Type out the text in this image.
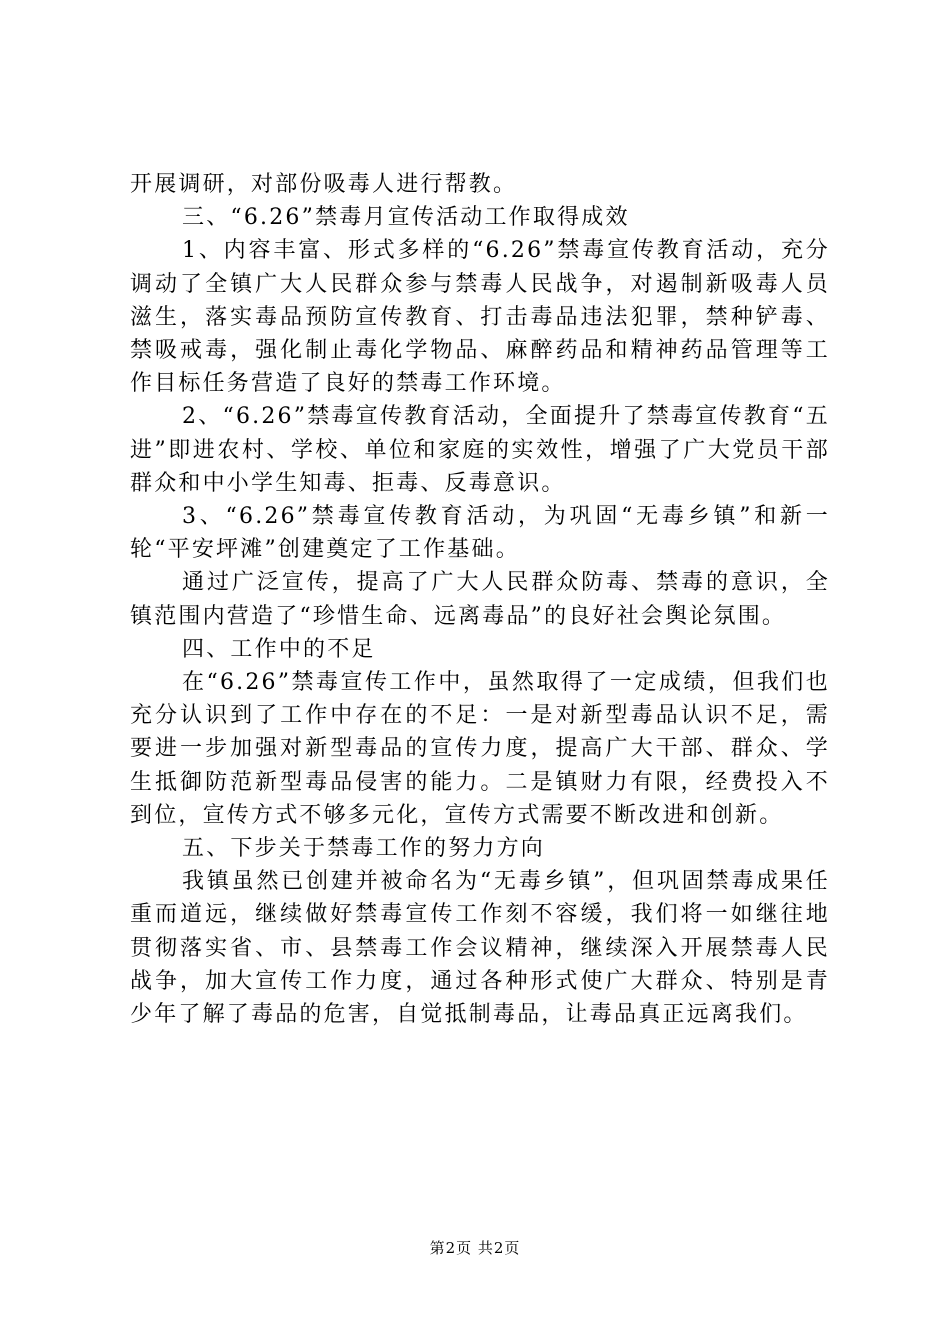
开展调研，对部份吸毒人进行帮教。

三、“6.26”禁毒月宣传活动工作取得成效

1、内容丰富、形式多样的“6.26”禁毒宣传教育活动，充分调动了全镇广大人民群众参与禁毒人民战争，对遏制新吸毒人员滋生，落实毒品预防宣传教育、打击毒品违法犯罪，禁种铲毒、禁吸戒毒，强化制止毒化学物品、麻醉药品和精神药品管理等工作目标任务营造了良好的禁毒工作环境。

2、“6.26”禁毒宣传教育活动，全面提升了禁毒宣传教育“五进”即进农村、学校、单位和家庭的实效性，增强了广大党员干部群众和中小学生知毒、拒毒、反毒意识。

3、“6.26”禁毒宣传教育活动，为巩固“无毒乡镇”和新一轮“平安坪滩”创建奠定了工作基础。

通过广泛宣传，提高了广大人民群众防毒、禁毒的意识，全镇范围内营造了“珍惜生命、远离毒品”的良好社会舆论氛围。

四、工作中的不足

在“6.26”禁毒宣传工作中，虽然取得了一定成绩，但我们也充分认识到了工作中存在的不足：一是对新型毒品认识不足，需要进一步加强对新型毒品的宣传力度，提高广大干部、群众、学生抵御防范新型毒品侵害的能力。二是镇财力有限，经费投入不到位，宣传方式不够多元化，宣传方式需要不断改进和创新。

五、下步关于禁毒工作的努力方向

我镇虽然已创建并被命名为“无毒乡镇”，但巩固禁毒成果任重而道远，继续做好禁毒宣传工作刻不容缓，我们将一如继往地贯彻落实省、市、县禁毒工作会议精神，继续深入开展禁毒人民战争，加大宣传工作力度，通过各种形式使广大群众、特别是青少年了解了毒品的危害，自觉抵制毒品，让毒品真正远离我们。

第2页 共2页
